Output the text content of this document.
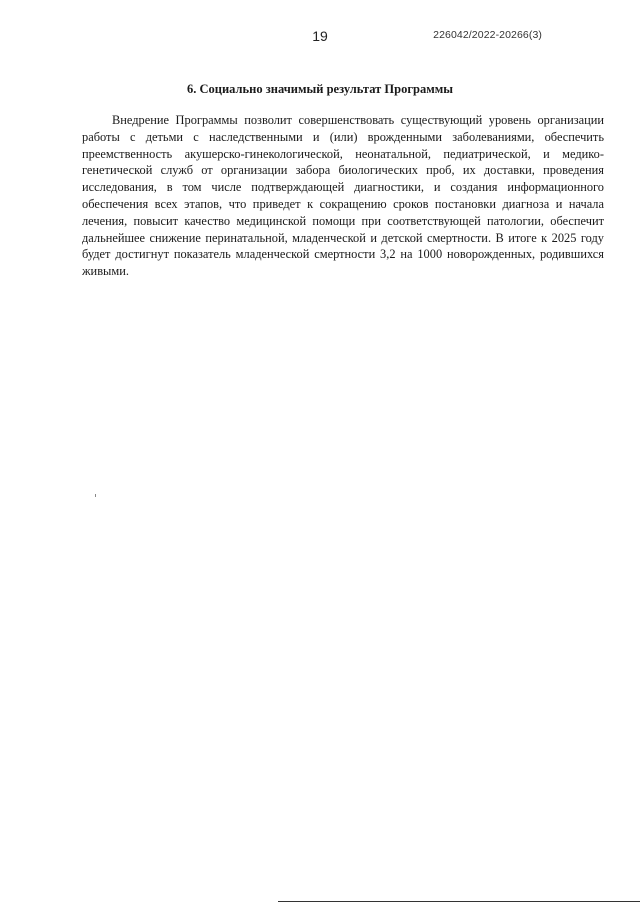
19	226042/2022-20266(3)
6. Социально значимый результат Программы

Внедрение Программы позволит совершенствовать существующий уровень организации работы с детьми с наследственными и (или) врожденными заболеваниями, обеспечить преемственность акушерско-гинекологической, неонатальной, педиатрической, и медико-генетической служб от организации забора биологических проб, их доставки, проведения исследования, в том числе подтверждающей диагностики, и создания информационного обеспечения всех этапов, что приведет к сокращению сроков постановки диагноза и начала лечения, повысит качество медицинской помощи при соответствующей патологии, обеспечит дальнейшее снижение перинатальной, младенческой и детской смертности. В итоге к 2025 году будет достигнут показатель младенческой смертности 3,2 на 1000 новорожденных, родившихся живыми.
